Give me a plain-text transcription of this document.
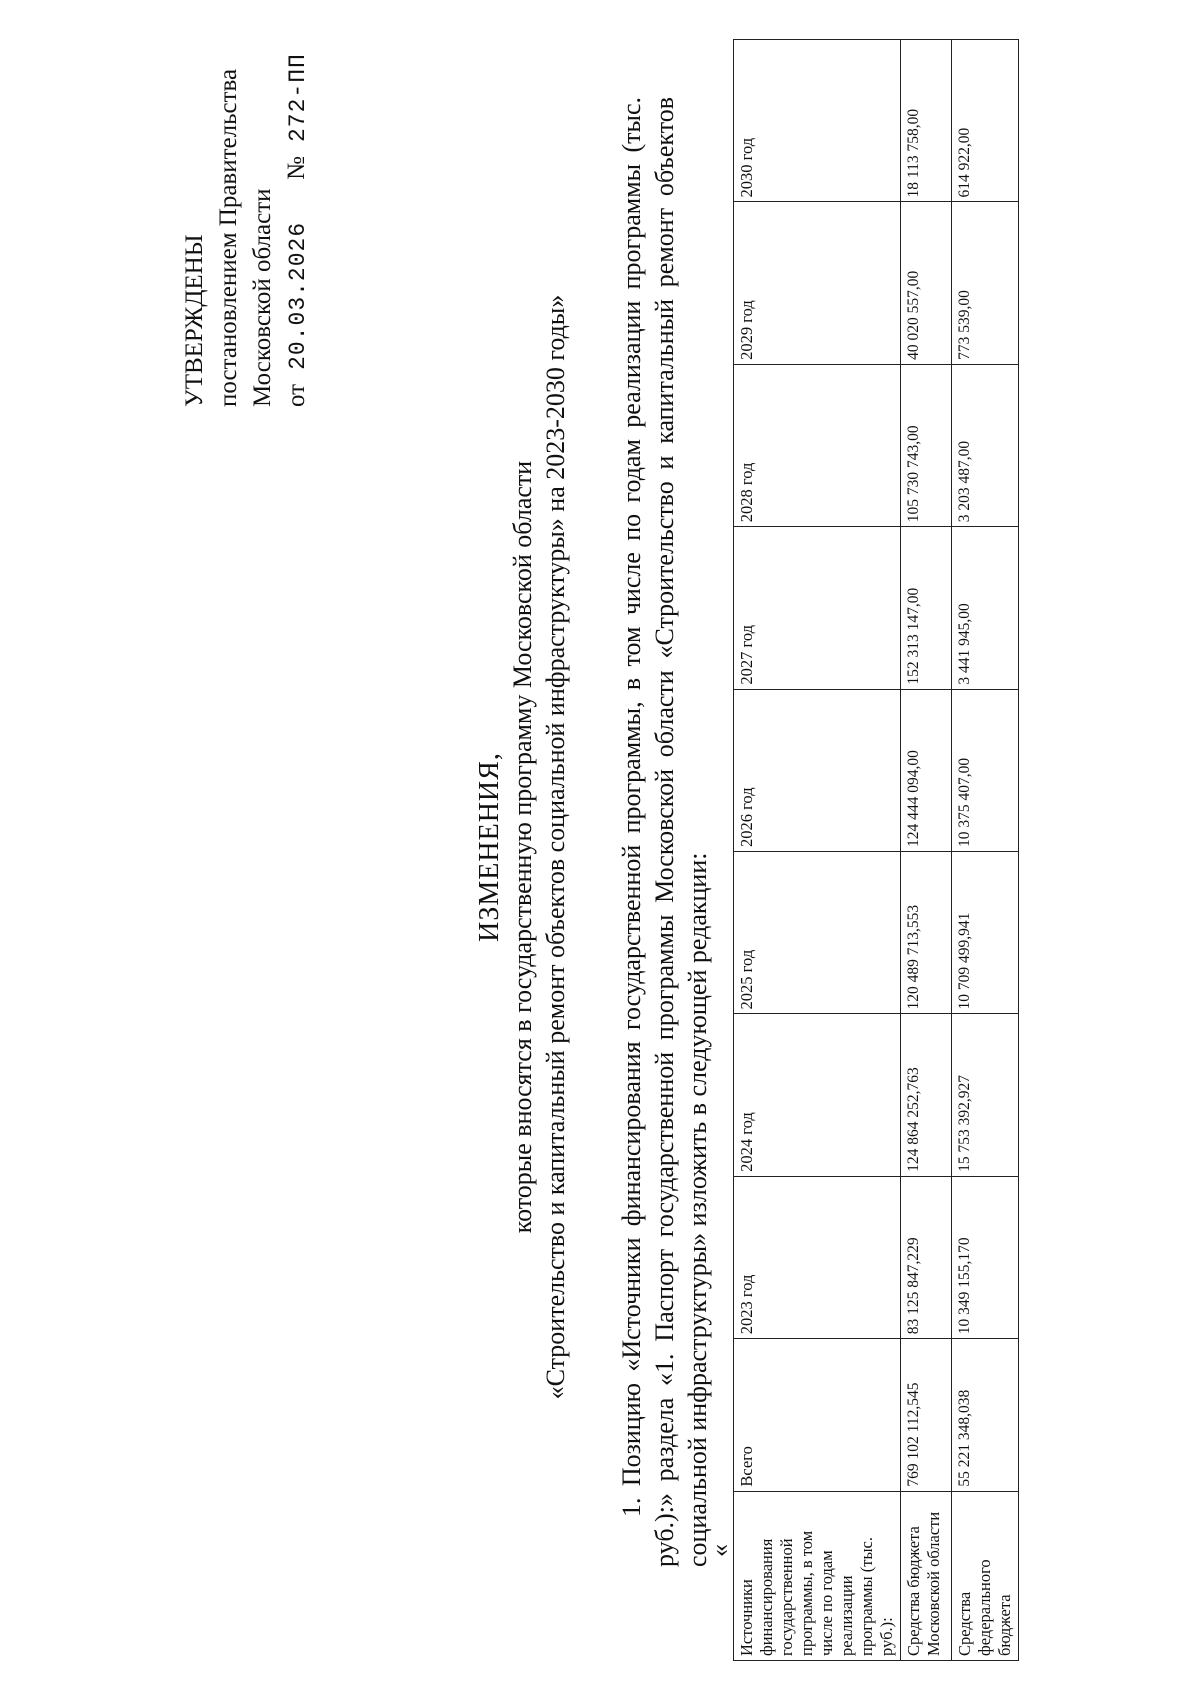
УТВЕРЖДЕНЫ постановлением Правительства Московской области от20.03.2026№272-ПП
ИЗМЕНЕНИЯ, которые вносятся в государственную программу Московской области «Строительство и капитальный ремонт объектов социальной инфраструктуры» на 2023-2030 годы» 1. Позицию «Источники финансирования государственной программы, в том числе по годам реализации программы (тыс. руб.):» раздела «1. Паспорт государственной программы Московской области «Строительство и капитальный ремонт объектов социальной инфраструктуры» изложить в следующей редакции:
«
Источники финансирования государственной программы, в том числе по годам реализации программы (тыс. руб.):	Всего	2023 год	2024 год	2025 год	2026 год	2027 год	2028 год	2029 год	2030 год
Средства бюджета Московской области	769 102 112,545	83 125 847,229	124 864 252,763	120 489 713,553	124 444 094,00	152 313 147,00	105 730 743,00	40 020 557,00	18 113 758,00
Средства федерального бюджета	55 221 348,038	10 349 155,170	15 753 392,927	10 709 499,941	10 375 407,00	3 441 945,00	3 203 487,00	773 539,00	614 922,00
